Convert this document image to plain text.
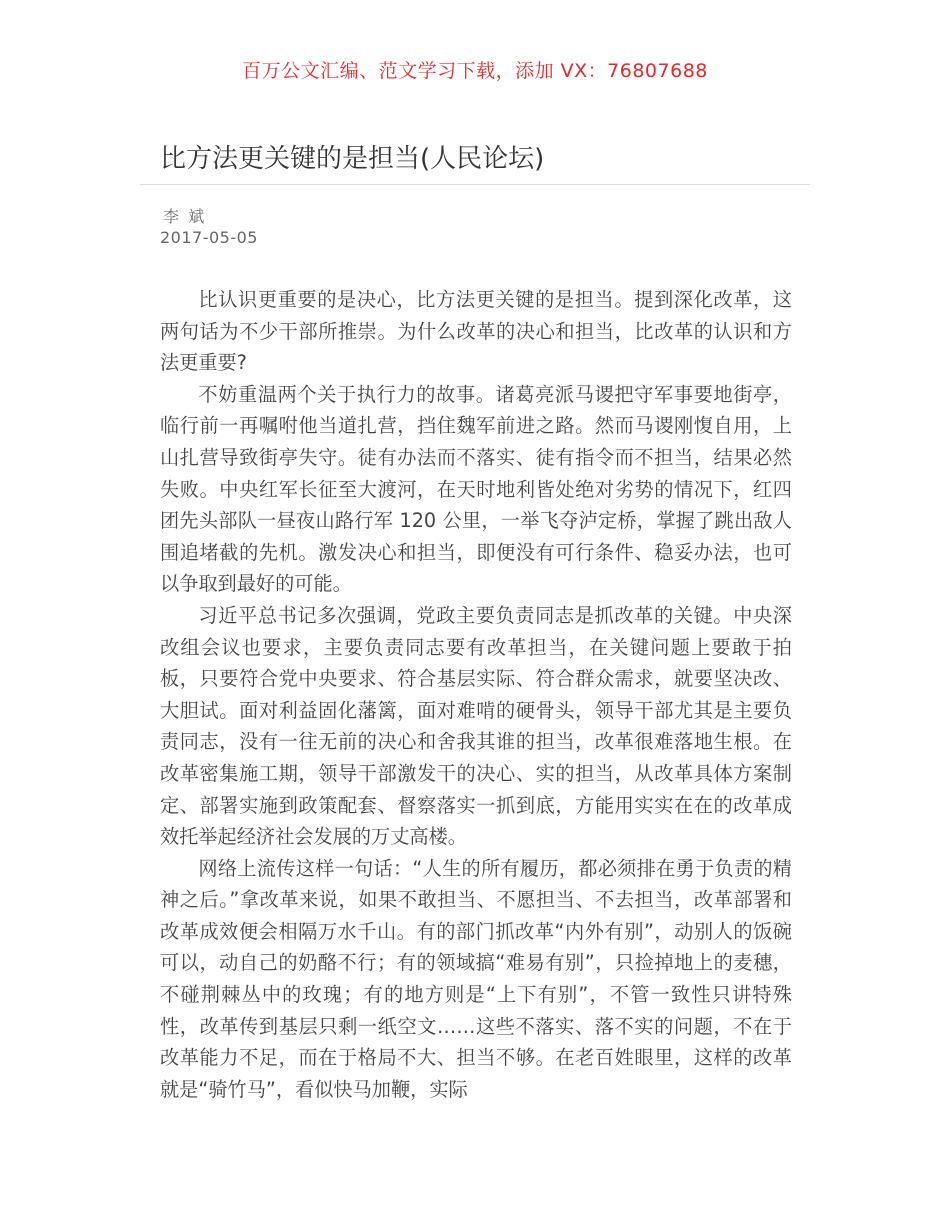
百万公文汇编、范文学习下载，添加 VX：76807688
比方法更关键的是担当(人民论坛)
李 斌
2017-05-05

比认识更重要的是决心，比方法更关键的是担当。提到深化改革，这两句话为不少干部所推崇。为什么改革的决心和担当，比改革的认识和方法更重要?

不妨重温两个关于执行力的故事。诸葛亮派马谡把守军事要地街亭，临行前一再嘱咐他当道扎营，挡住魏军前进之路。然而马谡刚愎自用，上山扎营导致街亭失守。徒有办法而不落实、徒有指令而不担当，结果必然失败。中央红军长征至大渡河，在天时地利皆处绝对劣势的情况下，红四团先头部队一昼夜山路行军 120 公里，一举飞夺泸定桥，掌握了跳出敌人围追堵截的先机。激发决心和担当，即便没有可行条件、稳妥办法，也可以争取到最好的可能。

习近平总书记多次强调，党政主要负责同志是抓改革的关键。中央深改组会议也要求，主要负责同志要有改革担当，在关键问题上要敢于拍板，只要符合党中央要求、符合基层实际、符合群众需求，就要坚决改、大胆试。面对利益固化藩篱，面对难啃的硬骨头，领导干部尤其是主要负责同志，没有一往无前的决心和舍我其谁的担当，改革很难落地生根。在改革密集施工期，领导干部激发干的决心、实的担当，从改革具体方案制定、部署实施到政策配套、督察落实一抓到底，方能用实实在在的改革成效托举起经济社会发展的万丈高楼。

网络上流传这样一句话：“人生的所有履历，都必须排在勇于负责的精神之后。”拿改革来说，如果不敢担当、不愿担当、不去担当，改革部署和改革成效便会相隔万水千山。有的部门抓改革“内外有别”，动别人的饭碗可以，动自己的奶酪不行；有的领域搞“难易有别”，只捡掉地上的麦穗，不碰荆棘丛中的玫瑰；有的地方则是“上下有别”，不管一致性只讲特殊性，改革传到基层只剩一纸空文……这些不落实、落不实的问题，不在于改革能力不足，而在于格局不大、担当不够。在老百姓眼里，这样的改革就是“骑竹马”，看似快马加鞭，实际
